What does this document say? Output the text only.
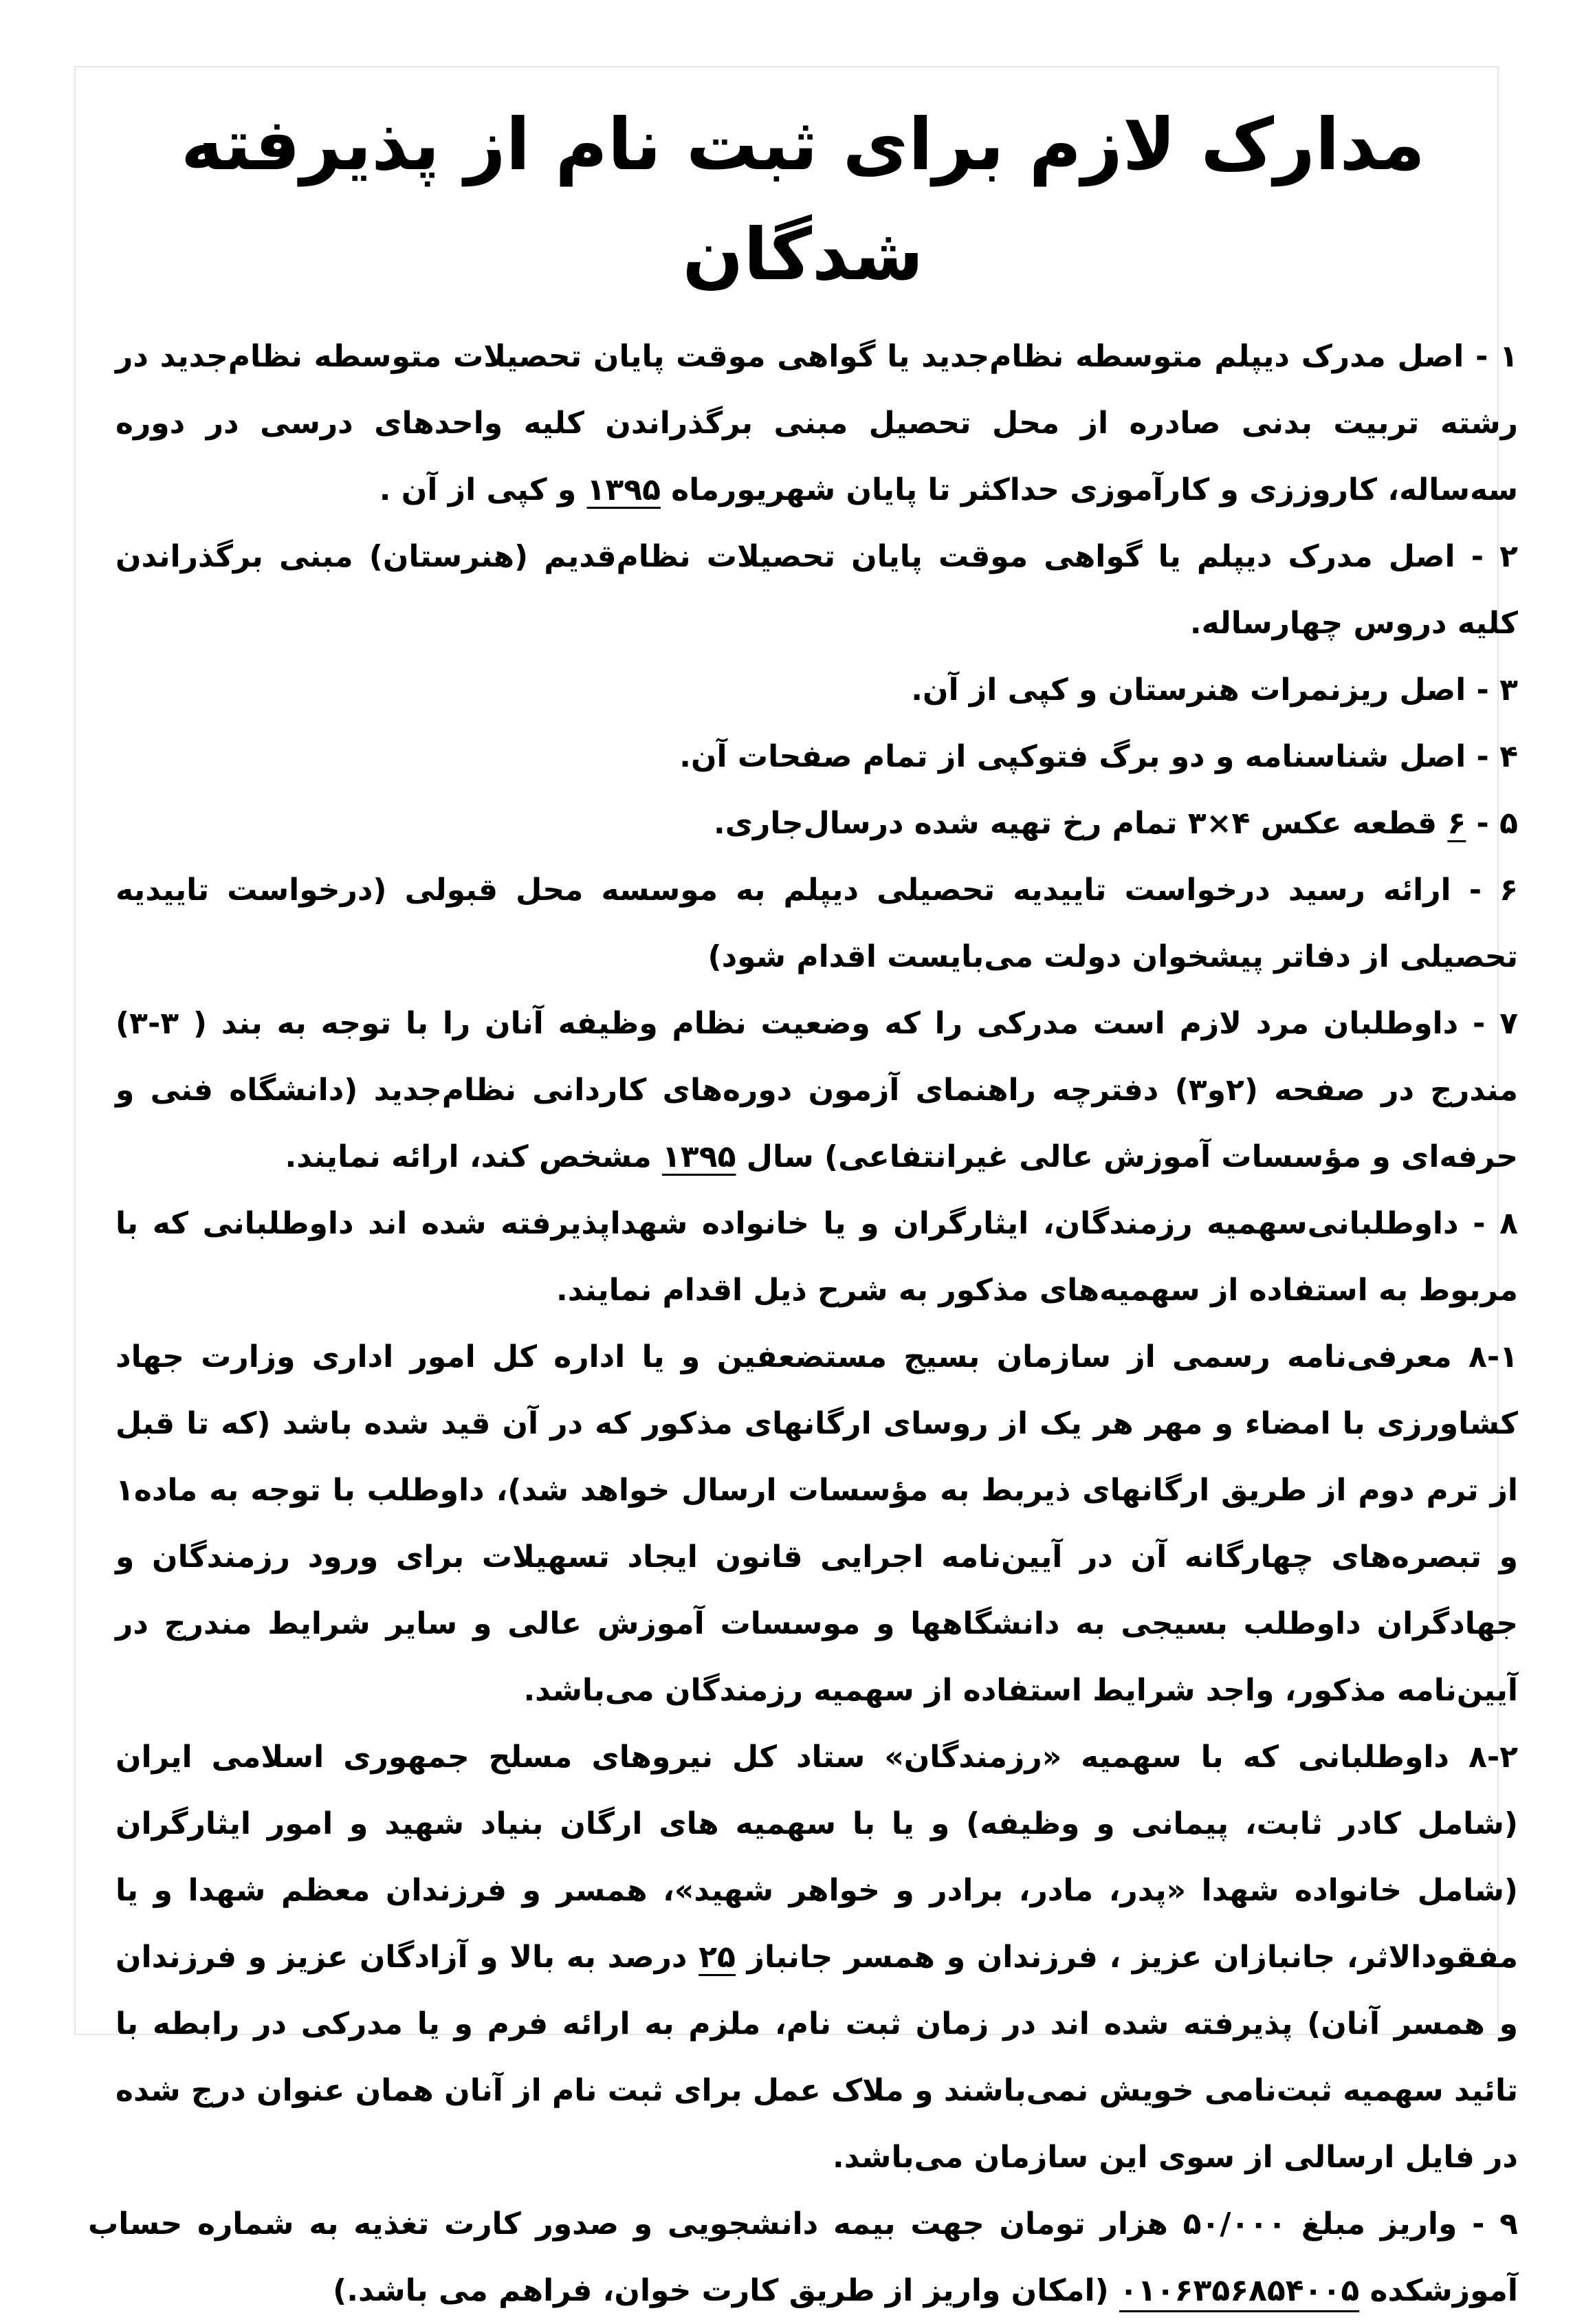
مدارک لازم برای ثبت نام از پذیرفته شدگان

۱ - اصل مدرک دیپلم متوسطه نظام‌جدید یا گواهی موقت پایان تحصیلات متوسطه نظام‌جدید در رشته تربیت بدنی صادره از محل تحصیل مبنی برگذراندن کلیه واحدهای درسی در دوره سه‌ساله، کاروززی و کارآموزی حداکثر تا پایان شهریورماه ۱۳۹۵ و کپی از آن .

۲ - اصل مدرک دیپلم یا گواهی موقت پایان تحصیلات نظام‌قدیم (هنرستان) مبنی برگذراندن کلیه دروس چهارساله.

۳ - اصل ریزنمرات هنرستان و کپی از آن.

۴ - اصل شناسنامه و دو برگ فتوکپی از تمام صفحات آن.

۵ - ۶ قطعه عکس ۴×۳ تمام رخ تهیه شده درسال‌جاری.

۶ - ارائه رسید درخواست تاییدیه تحصیلی دیپلم به موسسه محل قبولی (درخواست تاییدیه تحصیلی از دفاتر پیشخوان دولت می‌بایست اقدام شود)

۷ - داوطلبان مرد لازم است مدرکی را که وضعیت نظام وظیفه آنان را با توجه به بند ( ۳-۳) مندرج در صفحه (۲و۳) دفترچه راهنمای آزمون دوره‌های کاردانی نظام‌جدید (دانشگاه فنی و حرفه‌ای و مؤسسات آموزش عالی غیرانتفاعی) سال ۱۳۹۵ مشخص کند، ارائه نمایند.

۸ - داوطلبانی‌سهمیه رزمندگان، ایثارگران و یا خانواده شهداپذیرفته شده اند داوطلبانی که با مربوط به استفاده از سهمیه‌های مذکور به شرح ذیل اقدام نمایند.

۸-۱ معرفی‌نامه رسمی از سازمان بسیج مستضعفین و یا اداره کل امور اداری وزارت جهاد کشاورزی با امضاء و مهر هر یک از روسای ارگانهای مذکور که در آن قید شده باشد (که تا قبل از ترم دوم از طریق ارگانهای ذیربط به مؤسسات ارسال خواهد شد)، داوطلب با توجه به ماده۱ و تبصره‌های چهارگانه آن در آیین‌نامه اجرایی قانون ایجاد تسهیلات برای ورود رزمندگان و جهادگران داوطلب بسیجی به دانشگاهها و موسسات آموزش عالی و سایر شرایط مندرج در آیین‌نامه مذکور، واجد شرایط استفاده از سهمیه رزمندگان می‌باشد.

۸-۲ داوطلبانی که با سهمیه «رزمندگان» ستاد کل نیروهای مسلح جمهوری اسلامی ایران (شامل کادر ثابت، پیمانی و وظیفه) و یا با سهمیه های ارگان بنیاد شهید و امور ایثارگران (شامل خانواده شهدا «پدر، مادر، برادر و خواهر شهید»، همسر و فرزندان معظم شهدا و یا مفقودالاثر، جانبازان عزیز ، فرزندان و همسر جانباز ۲۵ درصد به بالا و آزادگان عزیز و فرزندان و همسر آنان) پذیرفته شده اند در زمان ثبت نام، ملزم به ارائه فرم و یا مدرکی در رابطه با تائید سهمیه ثبت‌نامی خویش نمی‌باشند و ملاک عمل برای ثبت نام از آنان همان عنوان درج شده در فایل ارسالی از سوی این سازمان می‌باشد.

۹ - واریز مبلغ ۵۰/۰۰۰ هزار تومان جهت بیمه دانشجویی و صدور کارت تغذیه به شماره حساب آموزشکده ۰۱۰۶۳۵۶۸۵۴۰۰۵ (امکان واریز از طریق کارت خوان، فراهم می باشد.)
